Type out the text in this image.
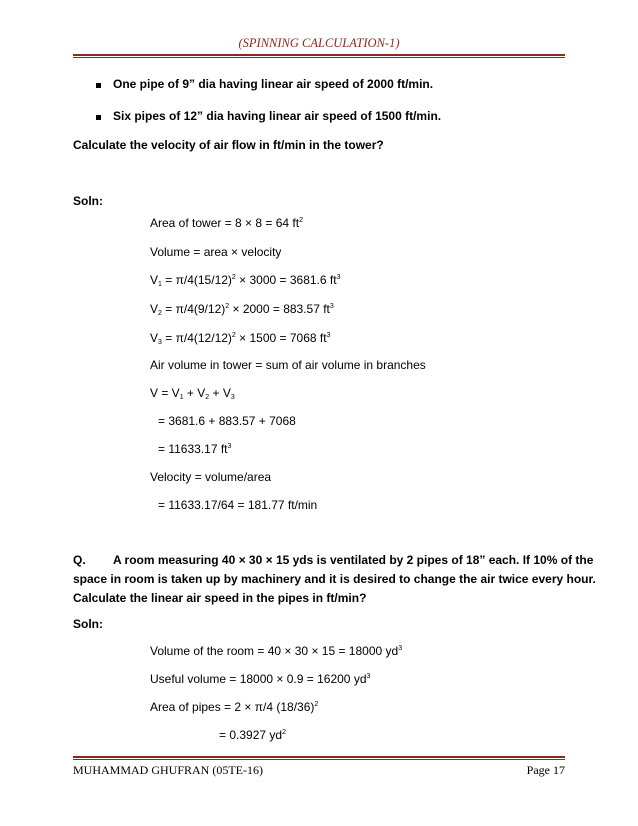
(SPINNING CALCULATION-1)
One pipe of 9” dia having linear air speed of 2000 ft/min.
Six pipes of 12” dia having linear air speed of 1500 ft/min.
Calculate the velocity of air flow in ft/min in the tower?
Soln:
Area of tower = 8 × 8 = 64 $ft^2$
Volume = area × velocity
$V_1 = \pi/4(15/12)^2 \times 3000 = 3681.6$ $ft^3$
$V_2 = \pi/4(9/12)^2 \times 2000 = 883.57$ $ft^3$
$V_3 = \pi/4(12/12)^2 \times 1500 = 7068$ $ft^3$
Air volume in tower = sum of air volume in branches
$V = V_1 + V_2 + V_3$
= 3681.6 + 883.57 + 7068
= 11633.17 $ft^3$
Velocity = volume/area
= 11633.17/64 = 181.77 ft/min
Q. A room measuring 40 × 30 × 15 yds is ventilated by 2 pipes of 18” each. If 10% of the
space in room is taken up by machinery and it is desired to change the air twice every hour.
Calculate the linear air speed in the pipes in ft/min?
Soln:
Volume of the room = 40 × 30 × 15 = 18000 $yd^3$
Useful volume = 18000 × 0.9 = 16200 $yd^3$
Area of pipes = 2 × π/4 $(18/36)^2$
= 0.3927 $yd^2$
MUHAMMAD GHUFRAN (05TE-16)	Page 17
